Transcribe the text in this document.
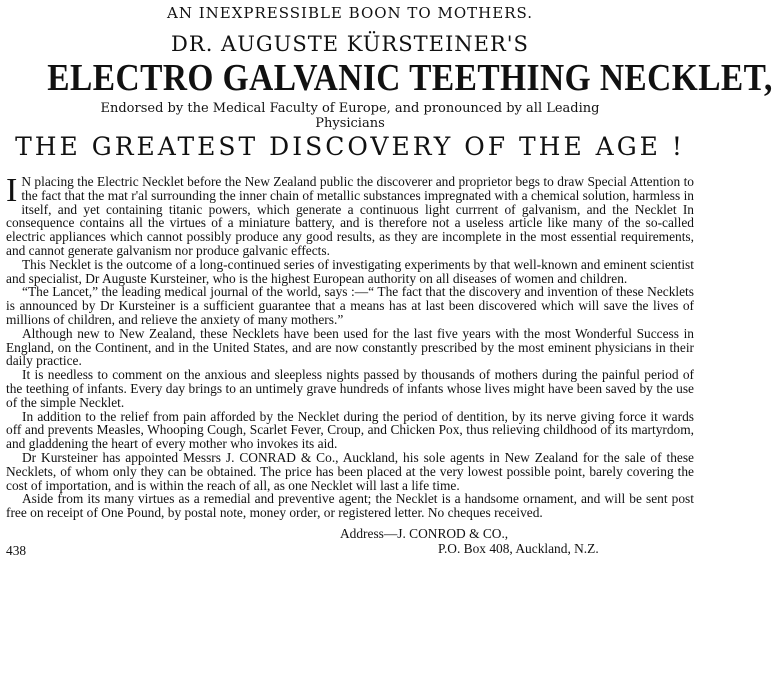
AN INEXPRESSIBLE BOON TO MOTHERS.
DR. AUGUSTE KÜRSTEINER'S
ELECTRO GALVANIC TEETHING NECKLET,
Endorsed by the Medical Faculty of Europe, and pronounced by all Leading Physicians
THE GREATEST DISCOVERY OF THE AGE !

I N placing the Electric Necklet before the New Zealand public the discoverer and proprietor begs to draw Special Attention to the fact that the mat r'al surrounding the inner chain of metallic substances impregnated with a chemical solution, harmless in itself, and yet containing titanic powers, which generate a continuous light currrent of galvanism, and the Necklet In consequence contains all the virtues of a miniature battery, and is therefore not a useless article like many of the so-called electric appliances which cannot possibly produce any good results, as they are incomplete in the most essential requirements, and cannot generate galvanism nor produce galvanic effects.

This Necklet is the outcome of a long-continued series of investigating experiments by that well-known and eminent scientist and specialist, Dr Auguste Kursteiner, who is the highest European authority on all diseases of women and children.

“The Lancet,” the leading medical journal of the world, says :—“ The fact that the discovery and invention of these Necklets is announced by Dr Kursteiner is a sufficient guarantee that a means has at last been discovered which will save the lives of millions of children, and relieve the anxiety of many mothers.”

Although new to New Zealand, these Necklets have been used for the last five years with the most Wonderful Success in England, on the Continent, and in the United States, and are now constantly prescribed by the most eminent physicians in their daily practice.

It is needless to comment on the anxious and sleepless nights passed by thousands of mothers during the painful period of the teething of infants. Every day brings to an untimely grave hundreds of infants whose lives might have been saved by the use of the simple Necklet.

In addition to the relief from pain afforded by the Necklet during the period of dentition, by its nerve giving force it wards off and prevents Measles, Whooping Cough, Scarlet Fever, Croup, and Chicken Pox, thus relieving childhood of its martyrdom, and gladdening the heart of every mother who invokes its aid.

Dr Kursteiner has appointed Messrs J. CONRAD & Co., Auckland, his sole agents in New Zealand for the sale of these Necklets, of whom only they can be obtained. The price has been placed at the very lowest possible point, barely covering the cost of importation, and is within the reach of all, as one Necklet will last a life time.

Aside from its many virtues as a remedial and preventive agent; the Necklet is a handsome ornament, and will be sent post free on receipt of One Pound, by postal note, money order, or registered letter. No cheques received.

438
Address—J. CONROD & CO.,
P.O. Box 408, Auckland, N.Z.
